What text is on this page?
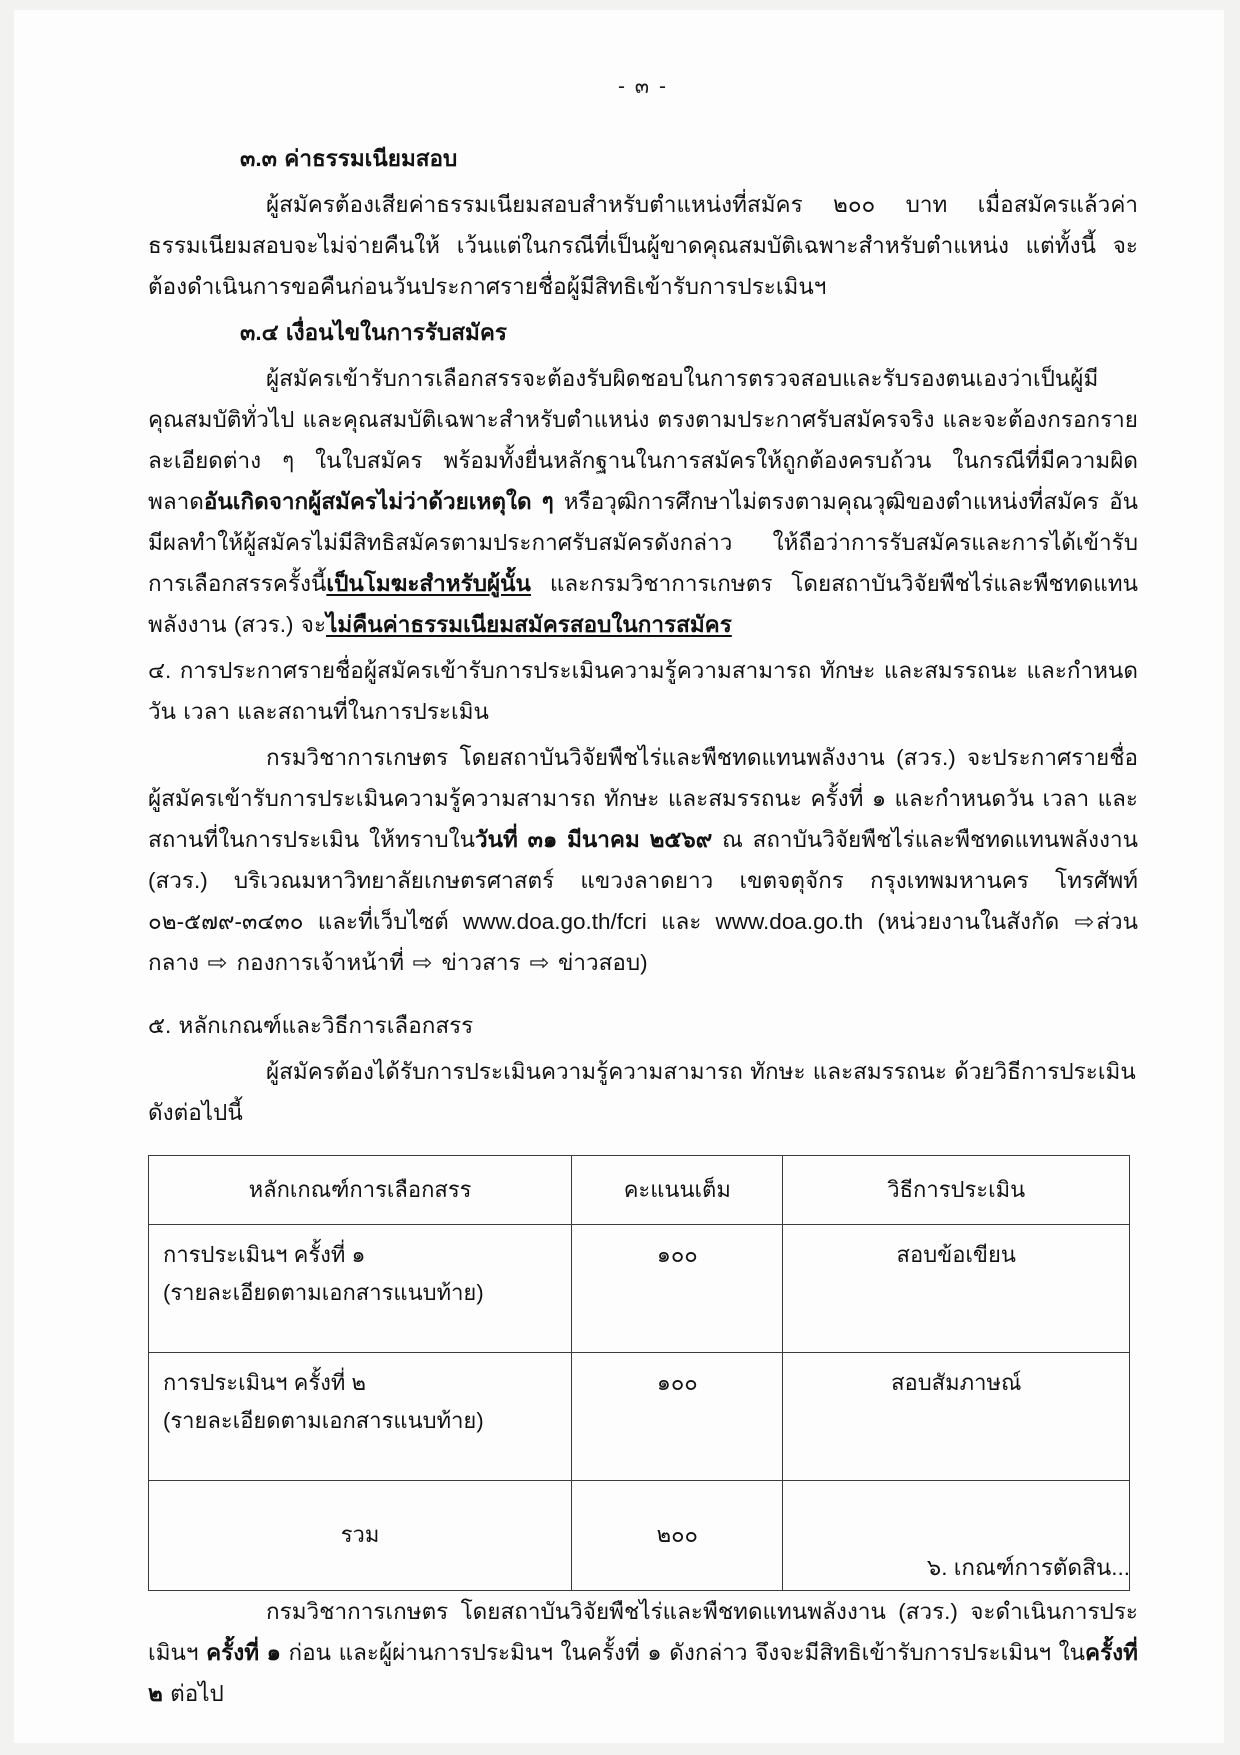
- ๓ -

๓.๓ ค่าธรรมเนียมสอบ

ผู้สมัครต้องเสียค่าธรรมเนียมสอบสำหรับตำแหน่งที่สมัคร ๒๐๐ บาท เมื่อสมัครแล้วค่าธรรมเนียมสอบจะไม่จ่ายคืนให้ เว้นแต่ในกรณีที่เป็นผู้ขาดคุณสมบัติเฉพาะสำหรับตำแหน่ง แต่ทั้งนี้ จะต้องดำเนินการขอคืนก่อนวันประกาศรายชื่อผู้มีสิทธิเข้ารับการประเมินฯ

๓.๔ เงื่อนไขในการรับสมัคร

ผู้สมัครเข้ารับการเลือกสรรจะต้องรับผิดชอบในการตรวจสอบและรับรองตนเองว่าเป็นผู้มีคุณสมบัติทั่วไป และคุณสมบัติเฉพาะสำหรับตำแหน่ง ตรงตามประกาศรับสมัครจริง และจะต้องกรอกรายละเอียดต่าง ๆ ในใบสมัคร พร้อมทั้งยื่นหลักฐานในการสมัครให้ถูกต้องครบถ้วน ในกรณีที่มีความผิดพลาดอันเกิดจากผู้สมัครไม่ว่าด้วยเหตุใด ๆ หรือวุฒิการศึกษาไม่ตรงตามคุณวุฒิของตำแหน่งที่สมัคร อันมีผลทำให้ผู้สมัครไม่มีสิทธิสมัครตามประกาศรับสมัครดังกล่าว ให้ถือว่าการรับสมัครและการได้เข้ารับการเลือกสรรครั้งนี้เป็นโมฆะสำหรับผู้นั้น และกรมวิชาการเกษตร โดยสถาบันวิจัยพืชไร่และพืชทดแทนพลังงาน (สวร.) จะไม่คืนค่าธรรมเนียมสมัครสอบในการสมัคร

๔. การประกาศรายชื่อผู้สมัครเข้ารับการประเมินความรู้ความสามารถ ทักษะ และสมรรถนะ และกำหนดวัน เวลา และสถานที่ในการประเมิน

กรมวิชาการเกษตร โดยสถาบันวิจัยพืชไร่และพืชทดแทนพลังงาน (สวร.) จะประกาศรายชื่อผู้สมัครเข้ารับการประเมินความรู้ความสามารถ ทักษะ และสมรรถนะ ครั้งที่ ๑ และกำหนดวัน เวลา และสถานที่ในการประเมิน ให้ทราบในวันที่ ๓๑ มีนาคม ๒๕๖๙ ณ สถาบันวิจัยพืชไร่และพืชทดแทนพลังงาน (สวร.) บริเวณมหาวิทยาลัยเกษตรศาสตร์ แขวงลาดยาว เขตจตุจักร กรุงเทพมหานคร โทรศัพท์ ๐๒-๕๗๙-๓๔๓๐ และที่เว็บไซต์ www.doa.go.th/fcri และ www.doa.go.th (หน่วยงานในสังกัด ⇨ส่วนกลาง ⇨ กองการเจ้าหน้าที่ ⇨ ข่าวสาร ⇨ ข่าวสอบ)

๕. หลักเกณฑ์และวิธีการเลือกสรร

ผู้สมัครต้องได้รับการประเมินความรู้ความสามารถ ทักษะ และสมรรถนะ ด้วยวิธีการประเมิน ดังต่อไปนี้

หลักเกณฑ์การเลือกสรร	คะแนนเต็ม	วิธีการประเมิน

การประเมินฯ ครั้งที่ ๑
(รายละเอียดตามเอกสารแนบท้าย)	๑๐๐	สอบข้อเขียน

การประเมินฯ ครั้งที่ ๒
(รายละเอียดตามเอกสารแนบท้าย)	๑๐๐	สอบสัมภาษณ์
รวม	๒๐๐	

กรมวิชาการเกษตร โดยสถาบันวิจัยพืชไร่และพืชทดแทนพลังงาน (สวร.) จะดำเนินการประเมินฯ ครั้งที่ ๑ ก่อน และผู้ผ่านการประมินฯ ในครั้งที่ ๑ ดังกล่าว จึงจะมีสิทธิเข้ารับการประเมินฯ ในครั้งที่ ๒ ต่อไป

๖. เกณฑ์การตัดสิน...
